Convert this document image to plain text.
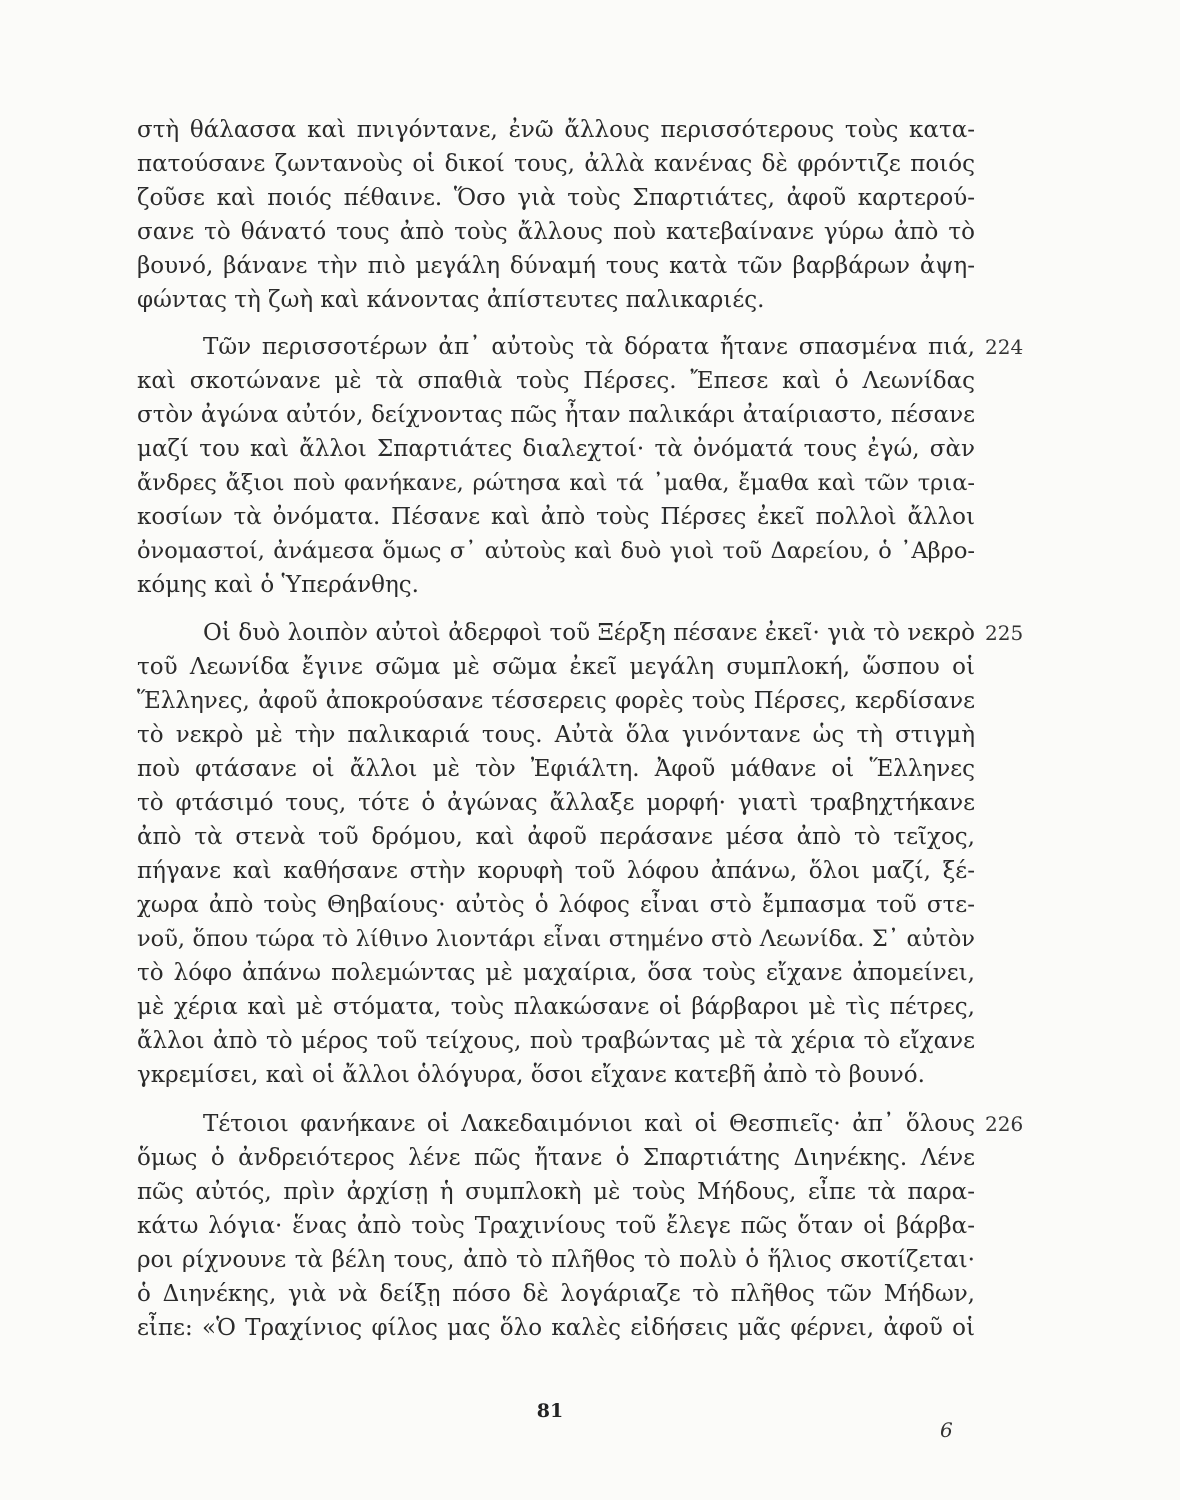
στὴ θάλασσα καὶ πνιγόντανε, ἐνῶ ἄλλους περισσότερους τοὺς κατα-
πατούσανε ζωντανοὺς οἱ δικοί τους, ἀλλὰ κανένας δὲ φρόντιζε ποιός
ζοῦσε καὶ ποιός πέθαινε. Ὅσο γιὰ τοὺς Σπαρτιάτες, ἀφοῦ καρτερού-
σανε τὸ θάνατό τους ἀπὸ τοὺς ἄλλους ποὺ κατεβαίνανε γύρω ἀπὸ τὸ
βουνό, βάνανε τὴν πιὸ μεγάλη δύναμή τους κατὰ τῶν βαρβάρων ἀψη-
φώντας τὴ ζωὴ καὶ κάνοντας ἀπίστευτες παλικαριές.
224
Τῶν περισσοτέρων ἀπ᾿ αὐτοὺς τὰ δόρατα ἤτανε σπασμένα πιά,
καὶ σκοτώνανε μὲ τὰ σπαθιὰ τοὺς Πέρσες. Ἔπεσε καὶ ὁ Λεωνίδας
στὸν ἀγώνα αὐτόν, δείχνοντας πῶς ἦταν παλικάρι ἀταίριαστο, πέσανε
μαζί του καὶ ἄλλοι Σπαρτιάτες διαλεχτοί· τὰ ὀνόματά τους ἐγώ, σὰν
ἄνδρες ἄξιοι ποὺ φανήκανε, ρώτησα καὶ τά ᾿μαθα, ἔμαθα καὶ τῶν τρια-
κοσίων τὰ ὀνόματα. Πέσανε καὶ ἀπὸ τοὺς Πέρσες ἐκεῖ πολλοὶ ἄλλοι
ὀνομαστοί, ἀνάμεσα ὅμως σ᾿ αὐτοὺς καὶ δυὸ γιοὶ τοῦ Δαρείου, ὁ ᾿Αβρο-
κόμης καὶ ὁ Ὑπεράνθης.
225
Οἱ δυὸ λοιπὸν αὐτοὶ ἀδερφοὶ τοῦ Ξέρξη πέσανε ἐκεῖ· γιὰ τὸ νεκρὸ
τοῦ Λεωνίδα ἔγινε σῶμα μὲ σῶμα ἐκεῖ μεγάλη συμπλοκή, ὥσπου οἱ
Ἕλληνες, ἀφοῦ ἀποκρούσανε τέσσερεις φορὲς τοὺς Πέρσες, κερδίσανε
τὸ νεκρὸ μὲ τὴν παλικαριά τους. Αὐτὰ ὅλα γινόντανε ὡς τὴ στιγμὴ
ποὺ φτάσανε οἱ ἄλλοι μὲ τὸν Ἐφιάλτη. Ἀφοῦ μάθανε οἱ Ἕλληνες
τὸ φτάσιμό τους, τότε ὁ ἀγώνας ἄλλαξε μορφή· γιατὶ τραβηχτήκανε
ἀπὸ τὰ στενὰ τοῦ δρόμου, καὶ ἀφοῦ περάσανε μέσα ἀπὸ τὸ τεῖχος,
πήγανε καὶ καθήσανε στὴν κορυφὴ τοῦ λόφου ἀπάνω, ὅλοι μαζί, ξέ-
χωρα ἀπὸ τοὺς Θηβαίους· αὐτὸς ὁ λόφος εἶναι στὸ ἔμπασμα τοῦ στε-
νοῦ, ὅπου τώρα τὸ λίθινο λιοντάρι εἶναι στημένο στὸ Λεωνίδα. Σ᾿ αὐτὸν
τὸ λόφο ἀπάνω πολεμώντας μὲ μαχαίρια, ὅσα τοὺς εἴχανε ἀπομείνει,
μὲ χέρια καὶ μὲ στόματα, τοὺς πλακώσανε οἱ βάρβαροι μὲ τὶς πέτρες,
ἄλλοι ἀπὸ τὸ μέρος τοῦ τείχους, ποὺ τραβώντας μὲ τὰ χέρια τὸ εἴχανε
γκρεμίσει, καὶ οἱ ἄλλοι ὁλόγυρα, ὅσοι εἴχανε κατεβῆ ἀπὸ τὸ βουνό.
226
Τέτοιοι φανήκανε οἱ Λακεδαιμόνιοι καὶ οἱ Θεσπιεῖς· ἀπ᾿ ὅλους
ὅμως ὁ ἀνδρειότερος λένε πῶς ἤτανε ὁ Σπαρτιάτης Διηνέκης. Λένε
πῶς αὐτός, πρὶν ἀρχίσῃ ἡ συμπλοκὴ μὲ τοὺς Μήδους, εἶπε τὰ παρα-
κάτω λόγια· ἕνας ἀπὸ τοὺς Τραχινίους τοῦ ἔλεγε πῶς ὅταν οἱ βάρβα-
ροι ρίχνουνε τὰ βέλη τους, ἀπὸ τὸ πλῆθος τὸ πολὺ ὁ ἥλιος σκοτίζεται·
ὁ Διηνέκης, γιὰ νὰ δείξῃ πόσο δὲ λογάριαζε τὸ πλῆθος τῶν Μήδων,
εἶπε: «Ὁ Τραχίνιος φίλος μας ὅλο καλὲς εἰδήσεις μᾶς φέρνει, ἀφοῦ οἱ
81
6
